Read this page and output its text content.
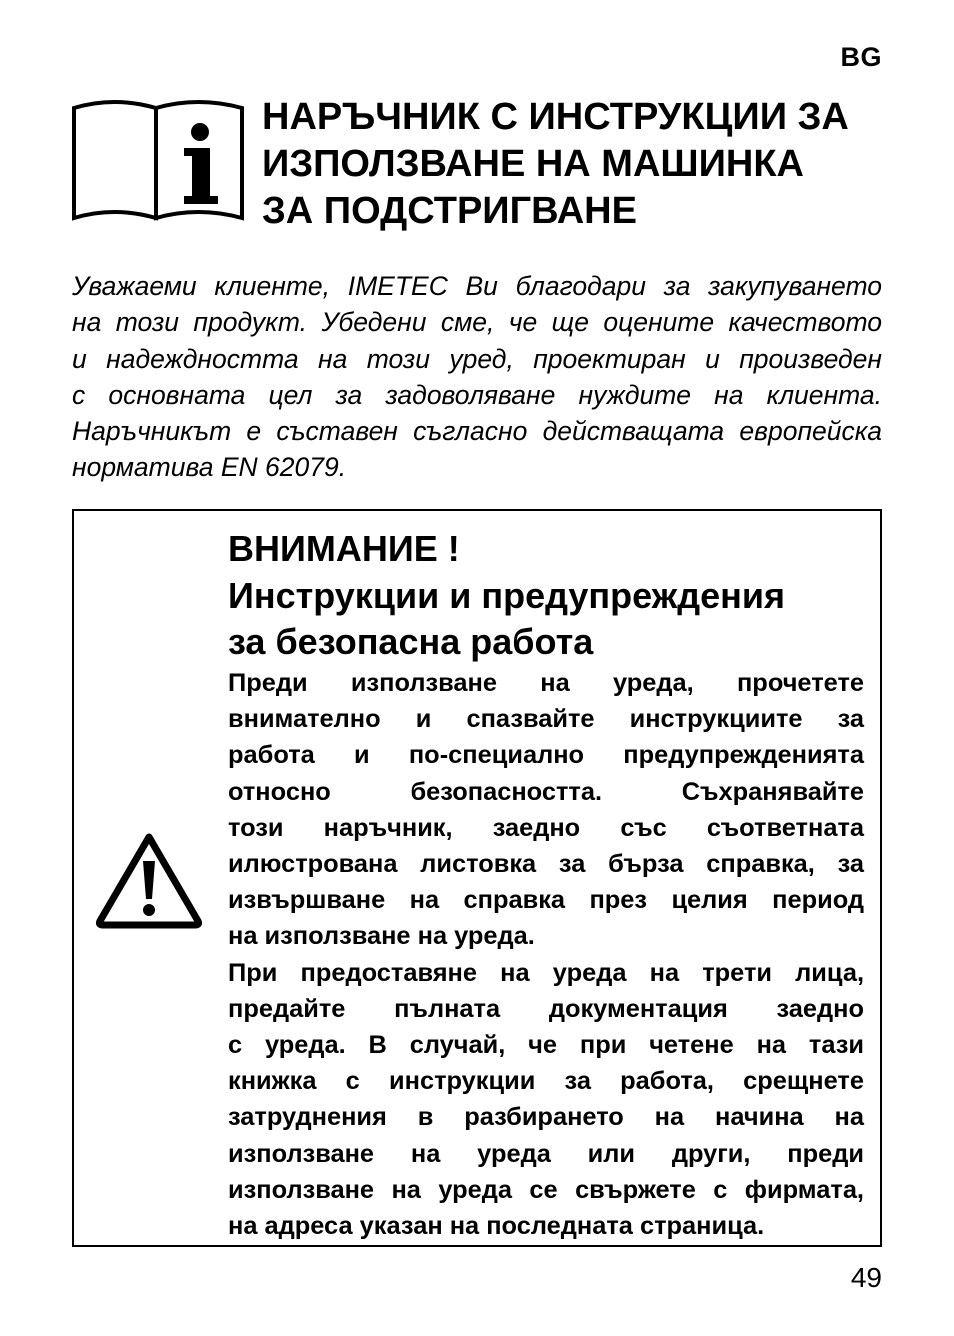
BG
НАРЪЧНИК С ИНСТРУКЦИИ ЗА
ИЗПОЛЗВАНЕ НА МАШИНКА
ЗА ПОДСТРИГВАНЕ

Уважаеми клиенте, IMETEC Ви благодари за закупуването
на този продукт. Убедени сме, че ще оцените качеството
и надеждността на този уред, проектиран и произведен
с основната цел за задоволяване нуждите на клиента.
Наръчникът е съставен съгласно действащата европейска
норматива EN 62079.

ВНИМАНИЕ !
Инструкции и предупреждения
за безопасна работа

Преди използване на уреда, прочетете
внимателно и спазвайте инструкциите за
работа и по-специално предупрежденията
относно безопасността. Съхранявайте
този наръчник, заедно със съответната
илюстрована листовка за бърза справка, за
извършване на справка през целия период
на използване на уреда.

При предоставяне на уреда на трети лица,
предайте пълната документация заедно
с уреда. В случай, че при четене на тази
книжка с инструкции за работа, срещнете
затруднения в разбирането на начина на
използване на уреда или други, преди
използване на уреда се свържете с фирмата,
на адреса указан на последната страница.

49
